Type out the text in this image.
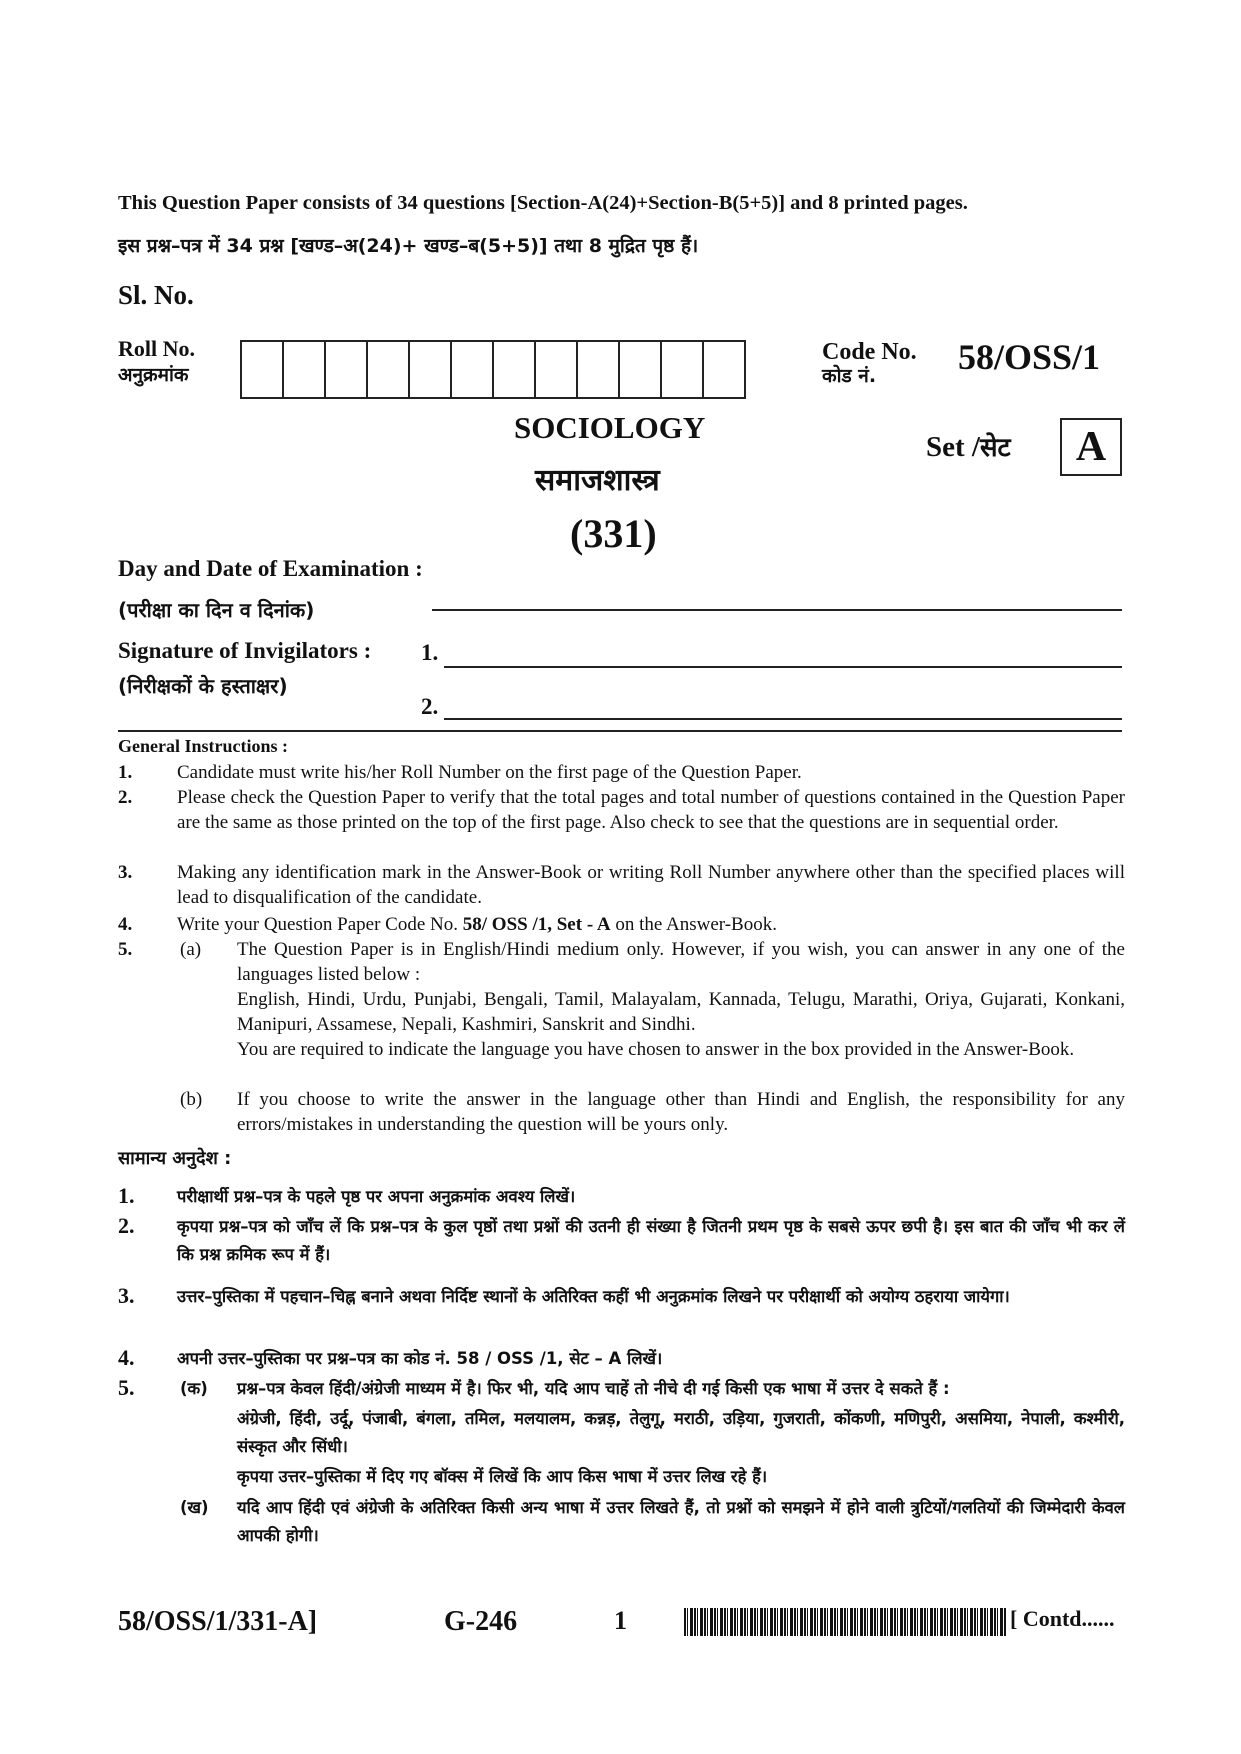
This Question Paper consists of 34 questions [Section-A(24)+Section-B(5+5)] and 8 printed pages.
इस प्रश्न–पत्र में 34 प्रश्न [खण्ड–अ(24)+ खण्ड–ब(5+5)] तथा 8 मुद्रित पृष्ठ हैं।
Sl. No.
Roll No.
अनुक्रमांक
Code No.
कोड नं.	58/OSS/1
SOCIOLOGY
समाजशास्त्र
(331)
Set /सेट	A
Day and Date of Examination :
(परीक्षा का दिन व दिनांक)
Signature of Invigilators : 1.
(निरीक्षकों के हस्ताक्षर)
2.
General Instructions :
1. Candidate must write his/her Roll Number on the first page of the Question Paper.
2. Please check the Question Paper to verify that the total pages and total number of questions contained in the Question Paper are the same as those printed on the top of the first page. Also check to see that the questions are in sequential order.
3. Making any identification mark in the Answer-Book or writing Roll Number anywhere other than the specified places will lead to disqualification of the candidate.
4. Write your Question Paper Code No. 58/ OSS /1, Set - A on the Answer-Book.
5.	(a) The Question Paper is in English/Hindi medium only. However, if you wish, you can answer in any one of the languages listed below :
English, Hindi, Urdu, Punjabi, Bengali, Tamil, Malayalam, Kannada, Telugu, Marathi, Oriya, Gujarati, Konkani, Manipuri, Assamese, Nepali, Kashmiri, Sanskrit and Sindhi.
You are required to indicate the language you have chosen to answer in the box provided in the Answer-Book.
(b) If you choose to write the answer in the language other than Hindi and English, the responsibility for any errors/mistakes in understanding the question will be yours only.
सामान्य अनुदेश :
1.	परीक्षार्थी प्रश्न–पत्र के पहले पृष्ठ पर अपना अनुक्रमांक अवश्य लिखें।
2.	कृपया प्रश्न–पत्र को जाँच लें कि प्रश्न–पत्र के कुल पृष्ठों तथा प्रश्नों की उतनी ही संख्या है जितनी प्रथम पृष्ठ के सबसे ऊपर छपी है। इस बात की जाँच भी कर लें कि प्रश्न क्रमिक रूप में हैं।
3.	उत्तर–पुस्तिका में पहचान–चिह्न बनाने अथवा निर्दिष्ट स्थानों के अतिरिक्त कहीं भी अनुक्रमांक लिखने पर परीक्षार्थी को अयोग्य ठहराया जायेगा।
4.	अपनी उत्तर–पुस्तिका पर प्रश्न–पत्र का कोड नं. 58 / OSS /1, सेट – A लिखें।
5.	(क) प्रश्न–पत्र केवल हिंदी/अंग्रेजी माध्यम में है। फिर भी, यदि आप चाहें तो नीचे दी गई किसी एक भाषा में उत्तर दे सकते हैं :
अंग्रेजी, हिंदी, उर्दू, पंजाबी, बंगला, तमिल, मलयालम, कन्नड़, तेलुगू, मराठी, उड़िया, गुजराती, कोंकणी, मणिपुरी, असमिया, नेपाली, कश्मीरी, संस्कृत और सिंधी।
कृपया उत्तर–पुस्तिका में दिए गए बॉक्स में लिखें कि आप किस भाषा में उत्तर लिख रहे हैं।
(ख) यदि आप हिंदी एवं अंग्रेजी के अतिरिक्त किसी अन्य भाषा में उत्तर लिखते हैं, तो प्रश्नों को समझने में होने वाली त्रुटियों/गलतियों की जिम्मेदारी केवल आपकी होगी।
58/OSS/1/331-A]	G-246	1	[ Contd......
